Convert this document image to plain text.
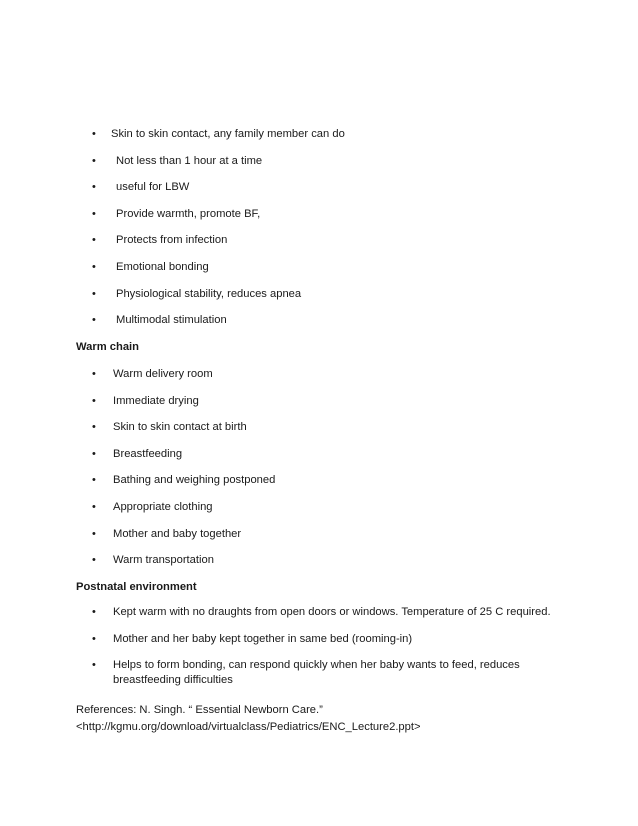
• Skin to skin contact, any family member can do
• Not less than 1 hour at a time
• useful for LBW
• Provide warmth, promote BF,
• Protects from infection
• Emotional bonding
• Physiological stability, reduces apnea
• Multimodal stimulation

Warm chain

• Warm delivery room
• Immediate drying
• Skin to skin contact at birth
• Breastfeeding
• Bathing and weighing postponed
• Appropriate clothing
• Mother and baby together
• Warm transportation

Postnatal environment

• Kept warm with no draughts from open doors or windows. Temperature of 25 C required.
• Mother and her baby kept together in same bed (rooming-in)
• Helps to form bonding, can respond quickly when her baby wants to feed, reduces breastfeeding difficulties
References: N. Singh. “ Essential Newborn Care.”
<http://kgmu.org/download/virtualclass/Pediatrics/ENC_Lecture2.ppt>
